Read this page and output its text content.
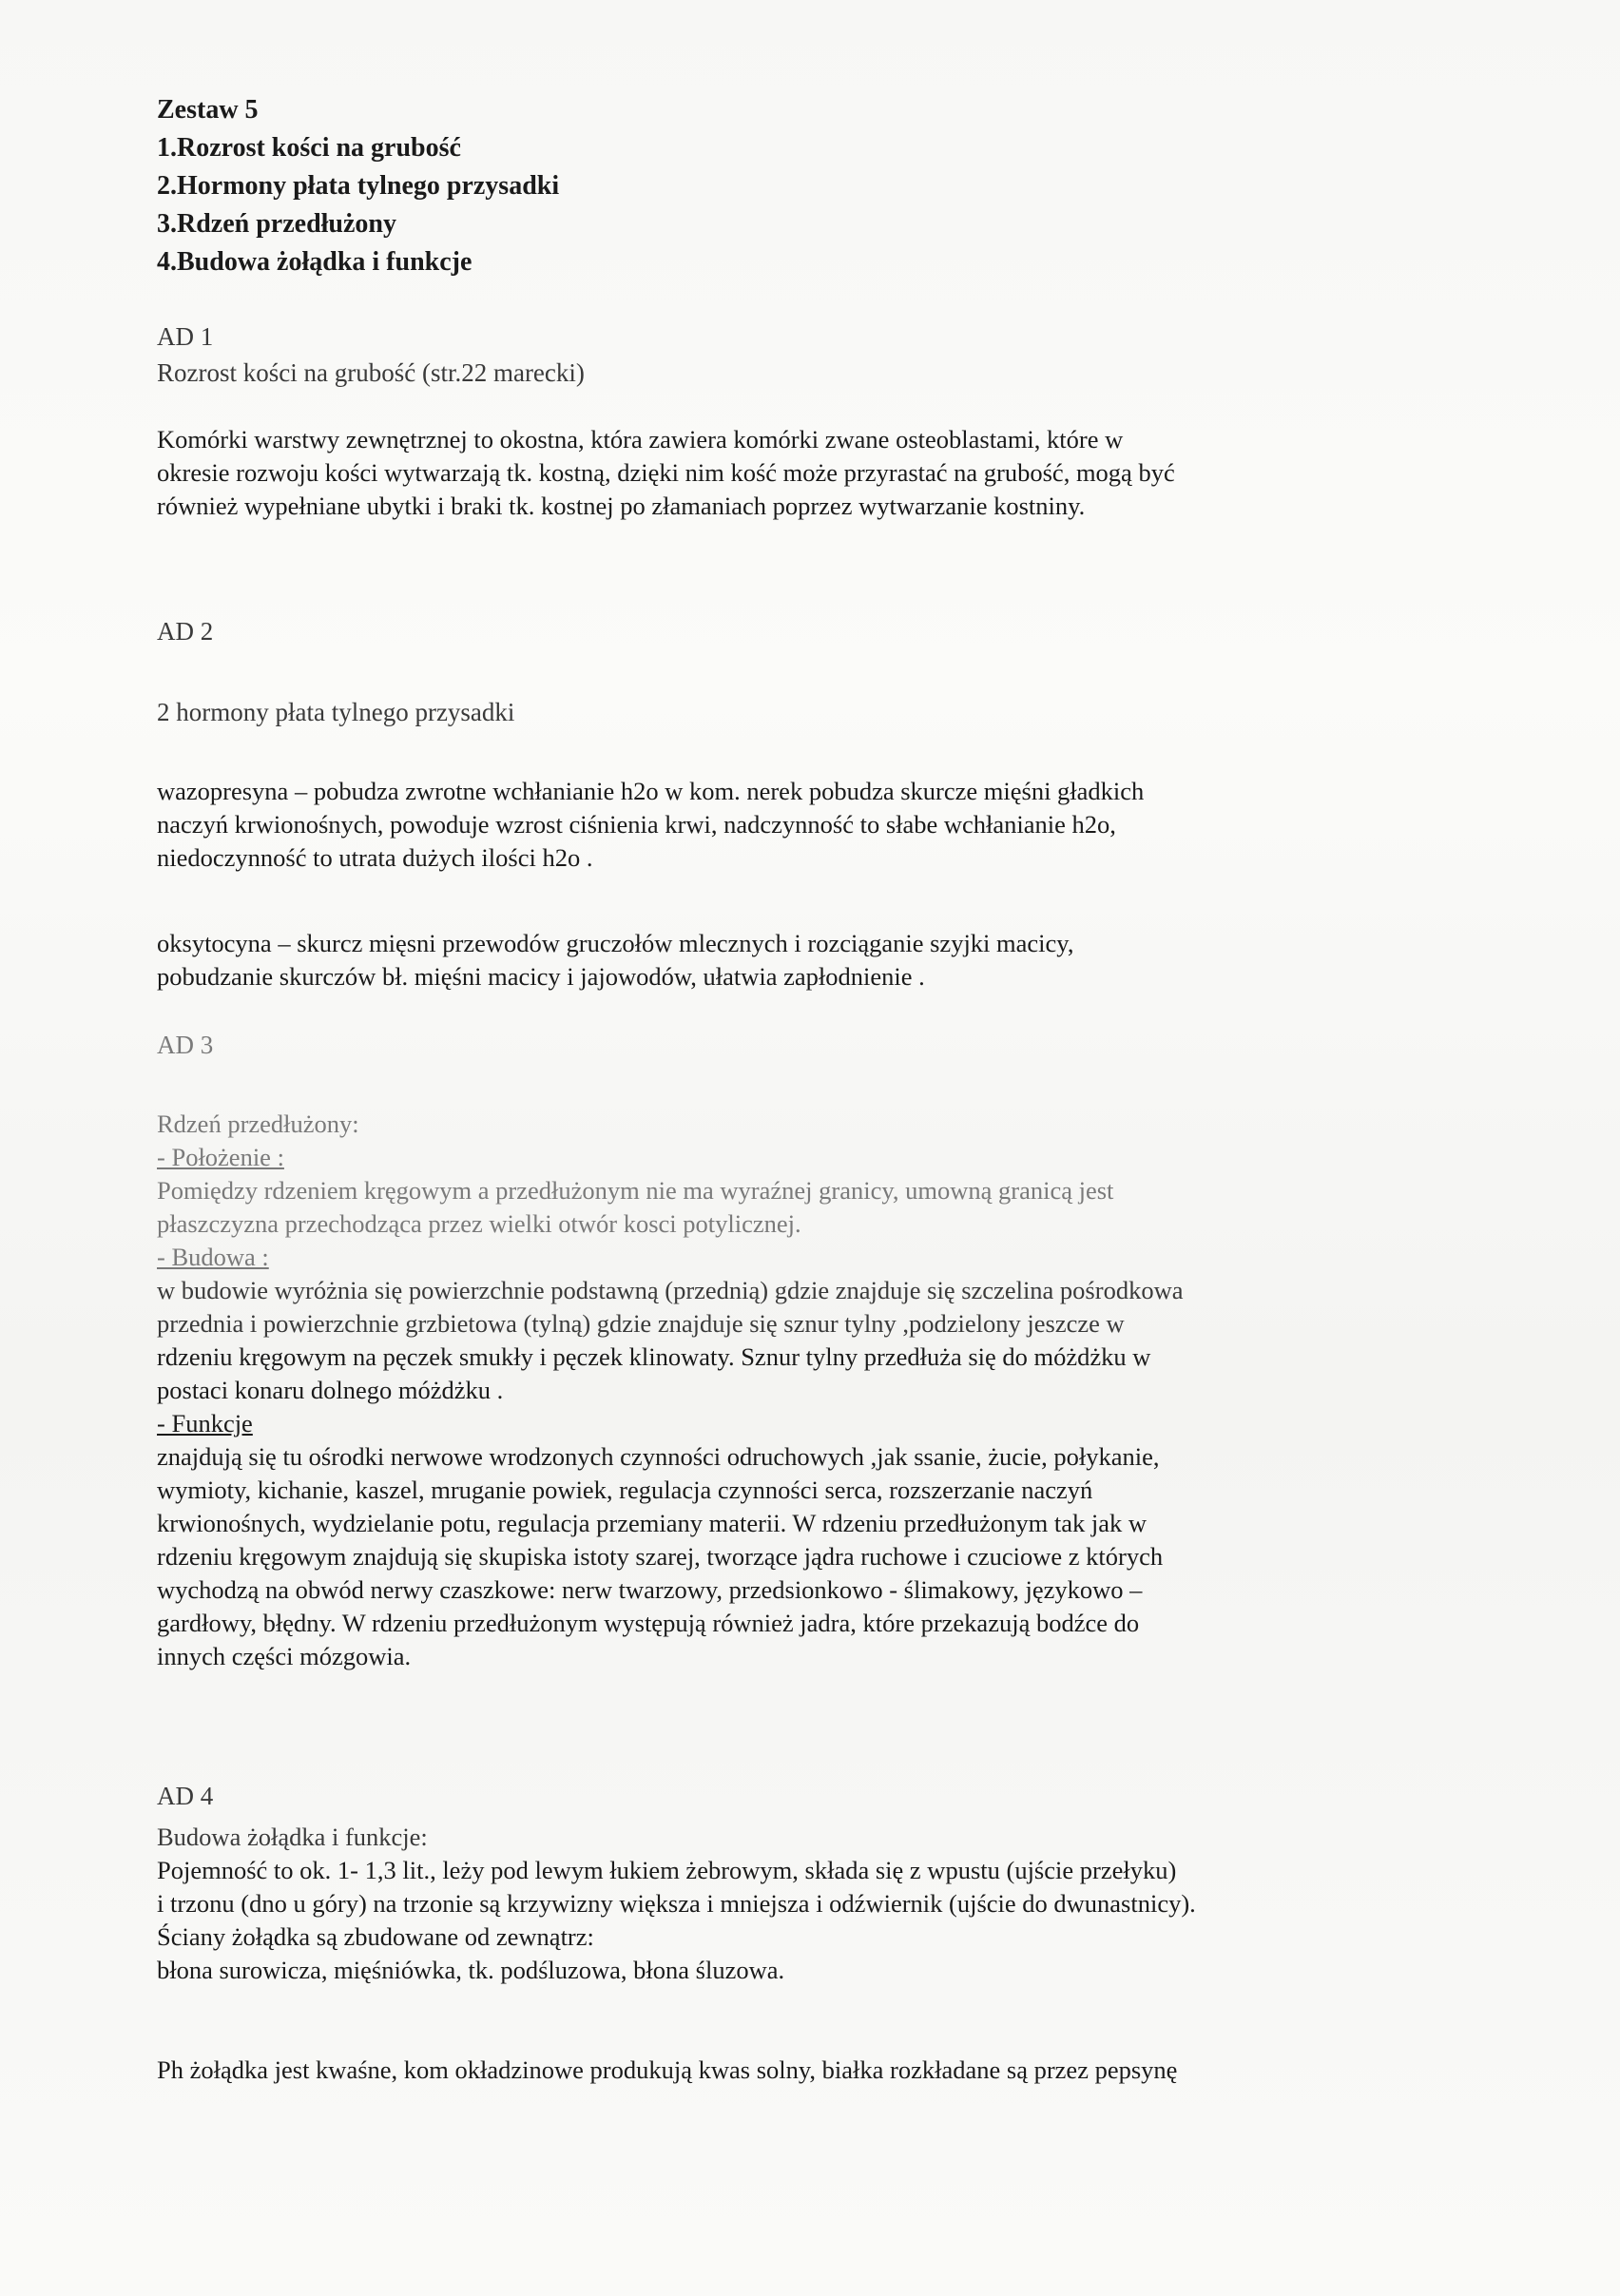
Zestaw 5
1.Rozrost kości na grubość
2.Hormony płata tylnego przysadki
3.Rdzeń przedłużony
4.Budowa żołądka i funkcje
AD 1
Rozrost kości na grubość (str.22 marecki)
Komórki warstwy zewnętrznej to okostna, która zawiera komórki zwane osteoblastami, które w
okresie rozwoju kości wytwarzają tk. kostną, dzięki nim kość może przyrastać na grubość, mogą być
również wypełniane ubytki i braki tk. kostnej po złamaniach poprzez wytwarzanie kostniny.
AD 2
2 hormony płata tylnego przysadki
wazopresyna – pobudza zwrotne wchłanianie h2o w kom. nerek pobudza skurcze mięśni gładkich
naczyń krwionośnych, powoduje wzrost ciśnienia krwi, nadczynność to słabe wchłanianie h2o,
niedoczynność to utrata dużych ilości h2o .
oksytocyna – skurcz mięsni przewodów gruczołów mlecznych i rozciąganie szyjki macicy,
pobudzanie skurczów bł. mięśni macicy i jajowodów, ułatwia zapłodnienie .
AD 3
Rdzeń przedłużony:
- Położenie :
Pomiędzy rdzeniem kręgowym a przedłużonym nie ma wyraźnej granicy, umowną granicą jest
płaszczyzna przechodząca przez wielki otwór kosci potylicznej.
- Budowa :
w budowie wyróżnia się powierzchnie podstawną (przednią) gdzie znajduje się szczelina pośrodkowa
przednia i powierzchnie grzbietowa (tylną) gdzie znajduje się sznur tylny ,podzielony jeszcze w
rdzeniu kręgowym na pęczek smukły i pęczek klinowaty. Sznur tylny przedłuża się do móżdżku w
postaci konaru dolnego móżdżku .
- Funkcje
znajdują się tu ośrodki nerwowe wrodzonych czynności odruchowych ,jak ssanie, żucie, połykanie,
wymioty, kichanie, kaszel, mruganie powiek, regulacja czynności serca, rozszerzanie naczyń
krwionośnych, wydzielanie potu, regulacja przemiany materii. W rdzeniu przedłużonym tak jak w
rdzeniu kręgowym znajdują się skupiska istoty szarej, tworzące jądra ruchowe i czuciowe z których
wychodzą na obwód nerwy czaszkowe: nerw twarzowy, przedsionkowo - ślimakowy, językowo –
gardłowy, błędny. W rdzeniu przedłużonym występują również jadra, które przekazują bodźce do
innych części mózgowia.
AD 4
Budowa żołądka i funkcje:
Pojemność to ok. 1- 1,3 lit., leży pod lewym łukiem żebrowym, składa się z wpustu (ujście przełyku)
i trzonu (dno u góry) na trzonie są krzywizny większa i mniejsza i odźwiernik (ujście do dwunastnicy).
Ściany żołądka są zbudowane od zewnątrz:
błona surowicza, mięśniówka, tk. podśluzowa, błona śluzowa.
Ph żołądka jest kwaśne, kom okładzinowe produkują kwas solny, białka rozkładane są przez pepsynę
